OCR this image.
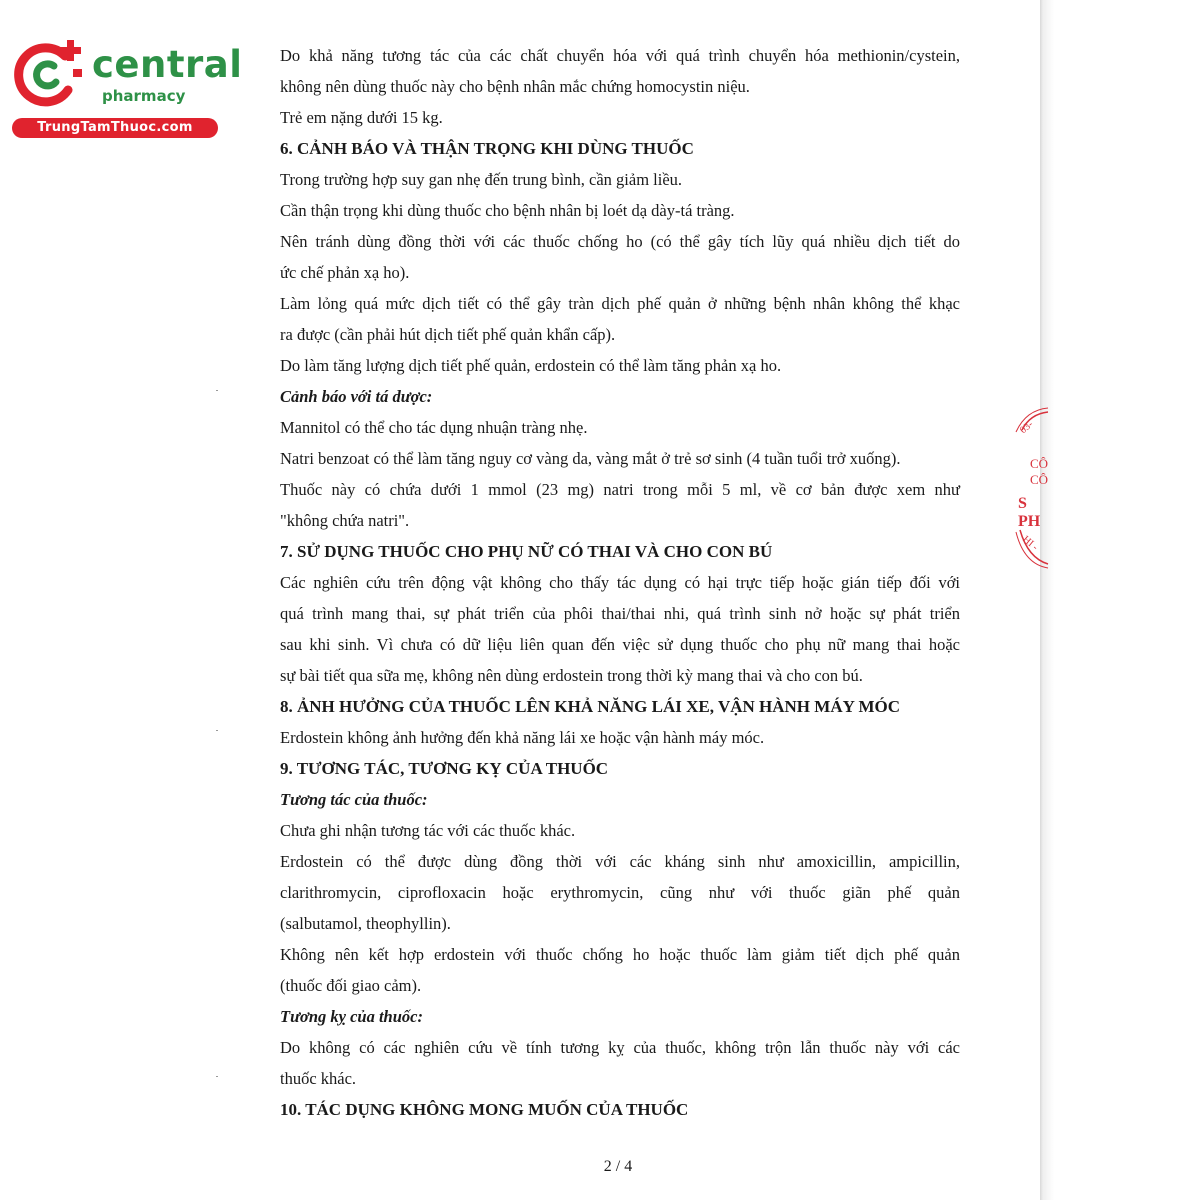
central
pharmacy
TrungTamThuoc.com
03-
CÔ
CÔ
S PH
HI -
Do khả năng tương tác của các chất chuyển hóa với quá trình chuyển hóa methionin/cystein,
không nên dùng thuốc này cho bệnh nhân mắc chứng homocystin niệu.
Trẻ em nặng dưới 15 kg.
6. CẢNH BÁO VÀ THẬN TRỌNG KHI DÙNG THUỐC
Trong trường hợp suy gan nhẹ đến trung bình, cần giảm liều.
Cần thận trọng khi dùng thuốc cho bệnh nhân bị loét dạ dày-tá tràng.
Nên tránh dùng đồng thời với các thuốc chống ho (có thể gây tích lũy quá nhiều dịch tiết do
ức chế phản xạ ho).
Làm lỏng quá mức dịch tiết có thể gây tràn dịch phế quản ở những bệnh nhân không thể khạc
ra được (cần phải hút dịch tiết phế quản khẩn cấp).
Do làm tăng lượng dịch tiết phế quản, erdostein có thể làm tăng phản xạ ho.
Cảnh báo với tá dược:
Mannitol có thể cho tác dụng nhuận tràng nhẹ.
Natri benzoat có thể làm tăng nguy cơ vàng da, vàng mắt ở trẻ sơ sinh (4 tuần tuổi trở xuống).
Thuốc này có chứa dưới 1 mmol (23 mg) natri trong mỗi 5 ml, về cơ bản được xem như
"không chứa natri".
7. SỬ DỤNG THUỐC CHO PHỤ NỮ CÓ THAI VÀ CHO CON BÚ
Các nghiên cứu trên động vật không cho thấy tác dụng có hại trực tiếp hoặc gián tiếp đối với
quá trình mang thai, sự phát triển của phôi thai/thai nhi, quá trình sinh nở hoặc sự phát triển
sau khi sinh. Vì chưa có dữ liệu liên quan đến việc sử dụng thuốc cho phụ nữ mang thai hoặc
sự bài tiết qua sữa mẹ, không nên dùng erdostein trong thời kỳ mang thai và cho con bú.
8. ẢNH HƯỞNG CỦA THUỐC LÊN KHẢ NĂNG LÁI XE, VẬN HÀNH MÁY MÓC
Erdostein không ảnh hưởng đến khả năng lái xe hoặc vận hành máy móc.
9. TƯƠNG TÁC, TƯƠNG KỴ CỦA THUỐC
Tương tác của thuốc:
Chưa ghi nhận tương tác với các thuốc khác.
Erdostein có thể được dùng đồng thời với các kháng sinh như amoxicillin, ampicillin,
clarithromycin, ciprofloxacin hoặc erythromycin, cũng như với thuốc giãn phế quản
(salbutamol, theophyllin).
Không nên kết hợp erdostein với thuốc chống ho hoặc thuốc làm giảm tiết dịch phế quản
(thuốc đối giao cảm).
Tương kỵ của thuốc:
Do không có các nghiên cứu về tính tương kỵ của thuốc, không trộn lẫn thuốc này với các
thuốc khác.
10. TÁC DỤNG KHÔNG MONG MUỐN CỦA THUỐC
2 / 4
